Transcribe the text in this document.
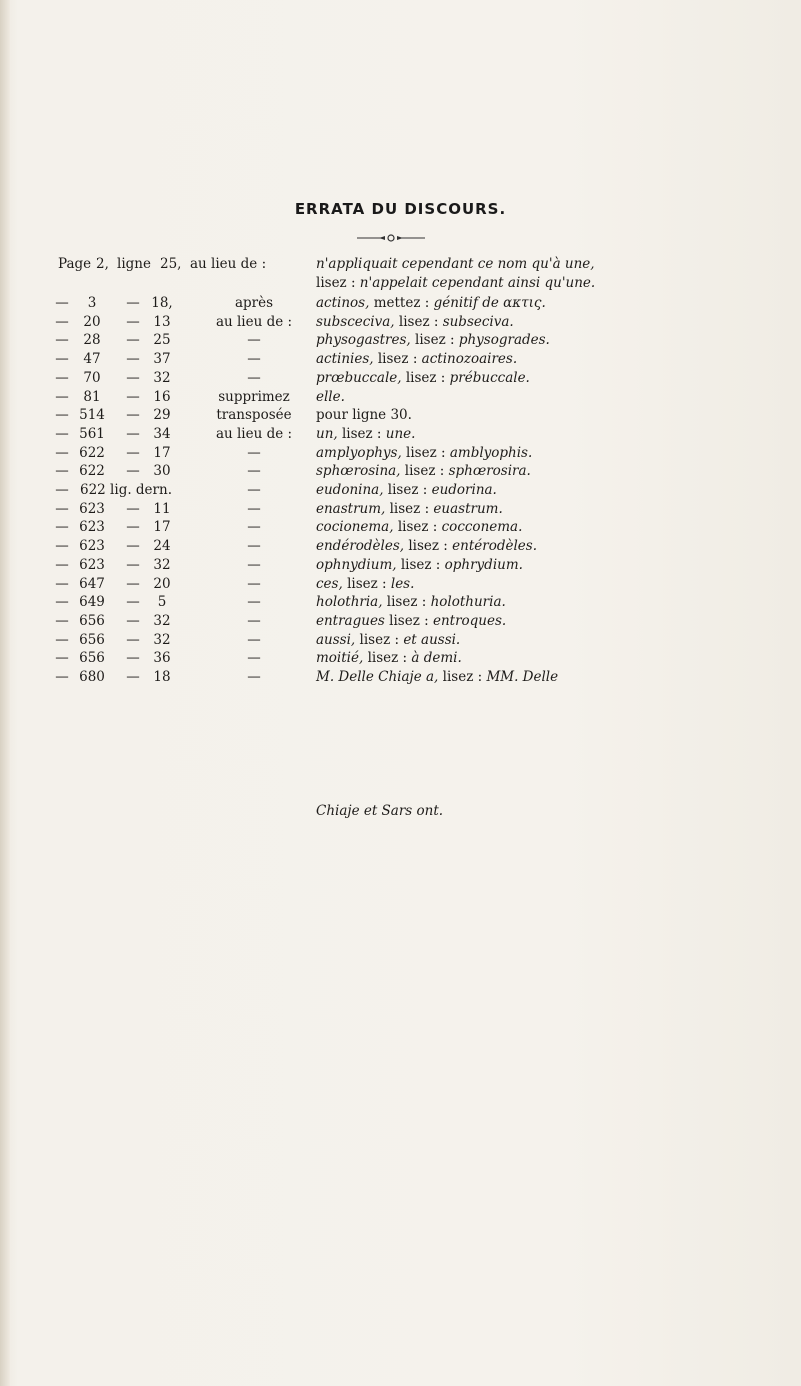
ERRATA DU DISCOURS.
Page 2, ligne 25, au lieu de :	n'appliquait cependant ce nom qu'à une,
lisez : n'appelait cependant ainsi qu'une.
—	3	— 18,	après	actinos, mettez : génitif de ακτις.
—	20	—	13	au lieu de :	subsceciva, lisez : subseciva.
—	28	—	25	—	physogastres, lisez : physogrades.
—	47	—	37	—	actinies, lisez : actinozoaires.
—	70	—	32	—	prœbuccale, lisez : prébuccale.
—	81	—	16	supprimez	elle.
— 514	—	29	transposée	pour ligne 30.
— 561	—	34	au lieu de :	un, lisez : une.
— 622	—	17	—	amplyophys, lisez : amblyophis.
— 622	—	30	—	sphœrosina, lisez : sphœrosira.
— 622 lig. dern.	—	eudonina, lisez : eudorina.
— 623	—	11	—	enastrum, lisez : euastrum.
— 623	—	17	—	cocionema, lisez : cocconema.
— 623	—	24	—	endérodèles, lisez : entérodèles.
— 623	—	32	—	ophnydium, lisez : ophrydium.
— 647	—	20	—	ces, lisez : les.
— 649	—	5	—	holothria, lisez : holothuria.
— 656	—	32	—	entragues lisez : entroques.
— 656	—	32	—	aussi, lisez : et aussi.
— 656	—	36	—	moitié, lisez : à demi.
— 680	—	18	—	M. Delle Chiaje a, lisez : MM. Delle
Chiaje et Sars ont.
